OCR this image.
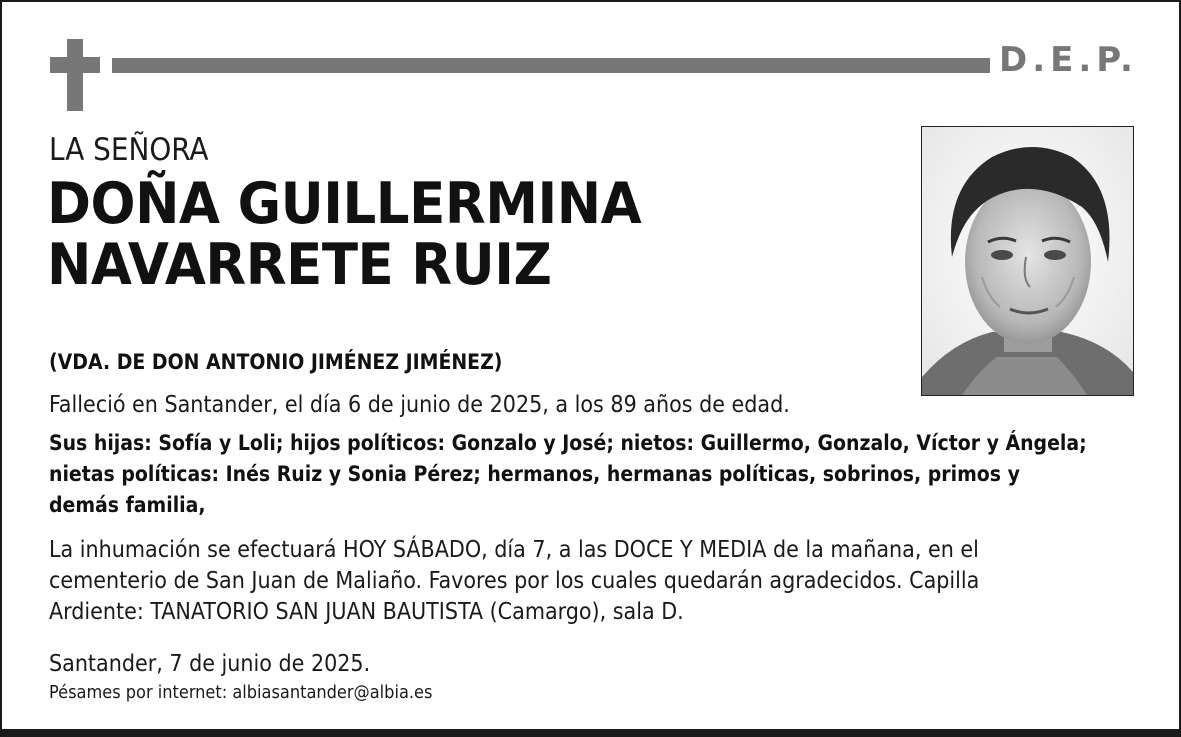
D.E.P.
LA SEÑORA
DOÑA GUILLERMINA
NAVARRETE RUIZ
(VDA. DE DON ANTONIO JIMÉNEZ JIMÉNEZ)
Falleció en Santander, el día 6 de junio de 2025, a los 89 años de edad.
Sus hijas: Sofía y Loli; hijos políticos: Gonzalo y José; nietos: Guillermo, Gonzalo, Víctor y Ángela;
nietas políticas: Inés Ruiz y Sonia Pérez; hermanos, hermanas políticas, sobrinos, primos y
demás familia,
La inhumación se efectuará HOY SÁBADO, día 7, a las DOCE Y MEDIA de la mañana, en el
cementerio de San Juan de Maliaño. Favores por los cuales quedarán agradecidos. Capilla
Ardiente: TANATORIO SAN JUAN BAUTISTA (Camargo), sala D.
Santander, 7 de junio de 2025.
Pésames por internet: albiasantander@albia.es
